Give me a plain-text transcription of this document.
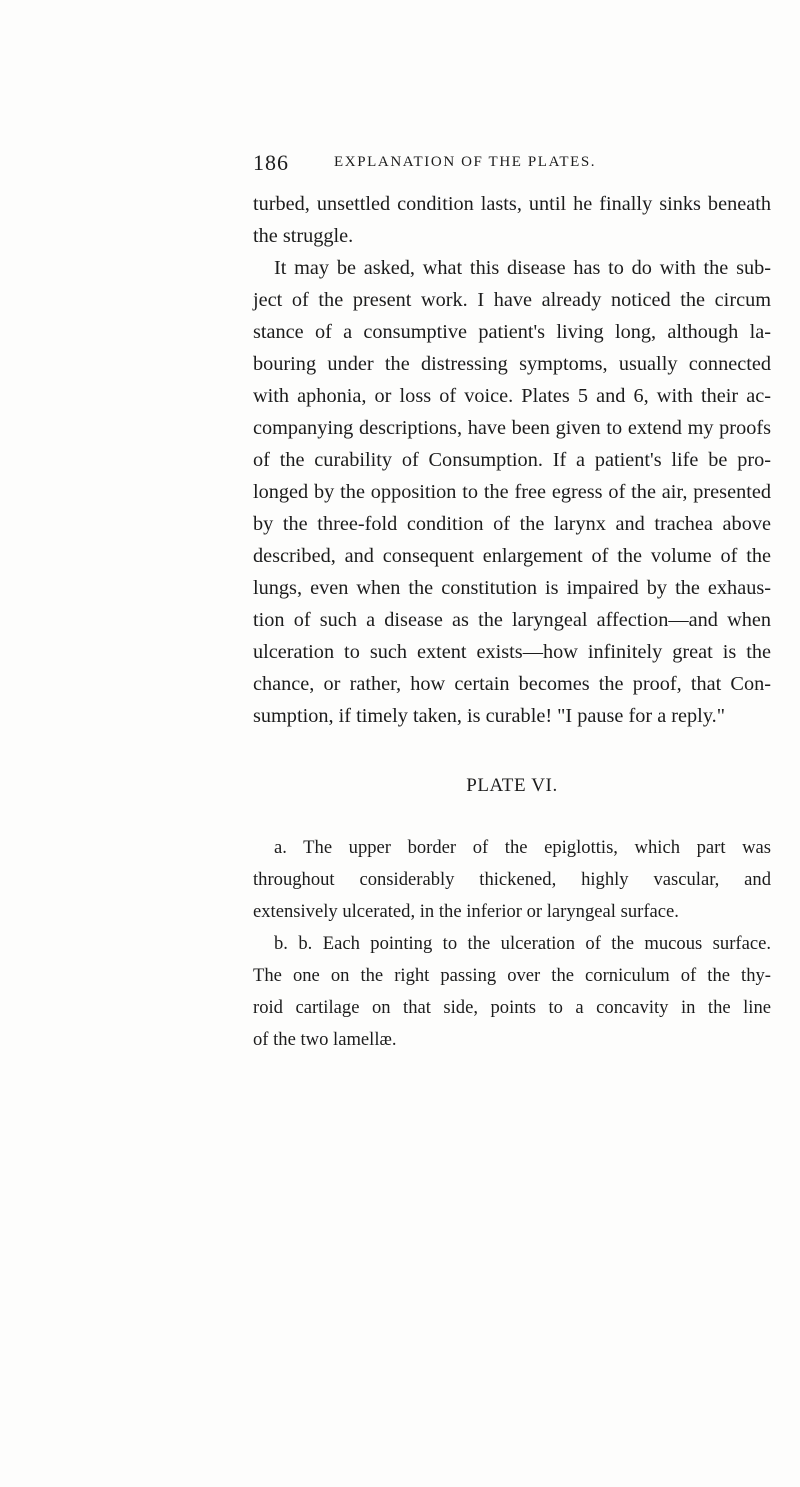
186	EXPLANATION OF THE PLATES.
turbed, unsettled condition lasts, until he finally sinks beneath
the struggle.
It may be asked, what this disease has to do with the sub-
ject of the present work. I have already noticed the circum
stance of a consumptive patient's living long, although la-
bouring under the distressing symptoms, usually connected
with aphonia, or loss of voice. Plates 5 and 6, with their ac-
companying descriptions, have been given to extend my proofs
of the curability of Consumption. If a patient's life be pro-
longed by the opposition to the free egress of the air, presented
by the three-fold condition of the larynx and trachea above
described, and consequent enlargement of the volume of the
lungs, even when the constitution is impaired by the exhaus-
tion of such a disease as the laryngeal affection—and when
ulceration to such extent exists—how infinitely great is the
chance, or rather, how certain becomes the proof, that Con-
sumption, if timely taken, is curable! "I pause for a reply."
PLATE VI.
a. The upper border of the epiglottis, which part was
throughout considerably thickened, highly vascular, and
extensively ulcerated, in the inferior or laryngeal surface.
b. b. Each pointing to the ulceration of the mucous surface.
The one on the right passing over the corniculum of the thy-
roid cartilage on that side, points to a concavity in the line
of the two lamellæ.
